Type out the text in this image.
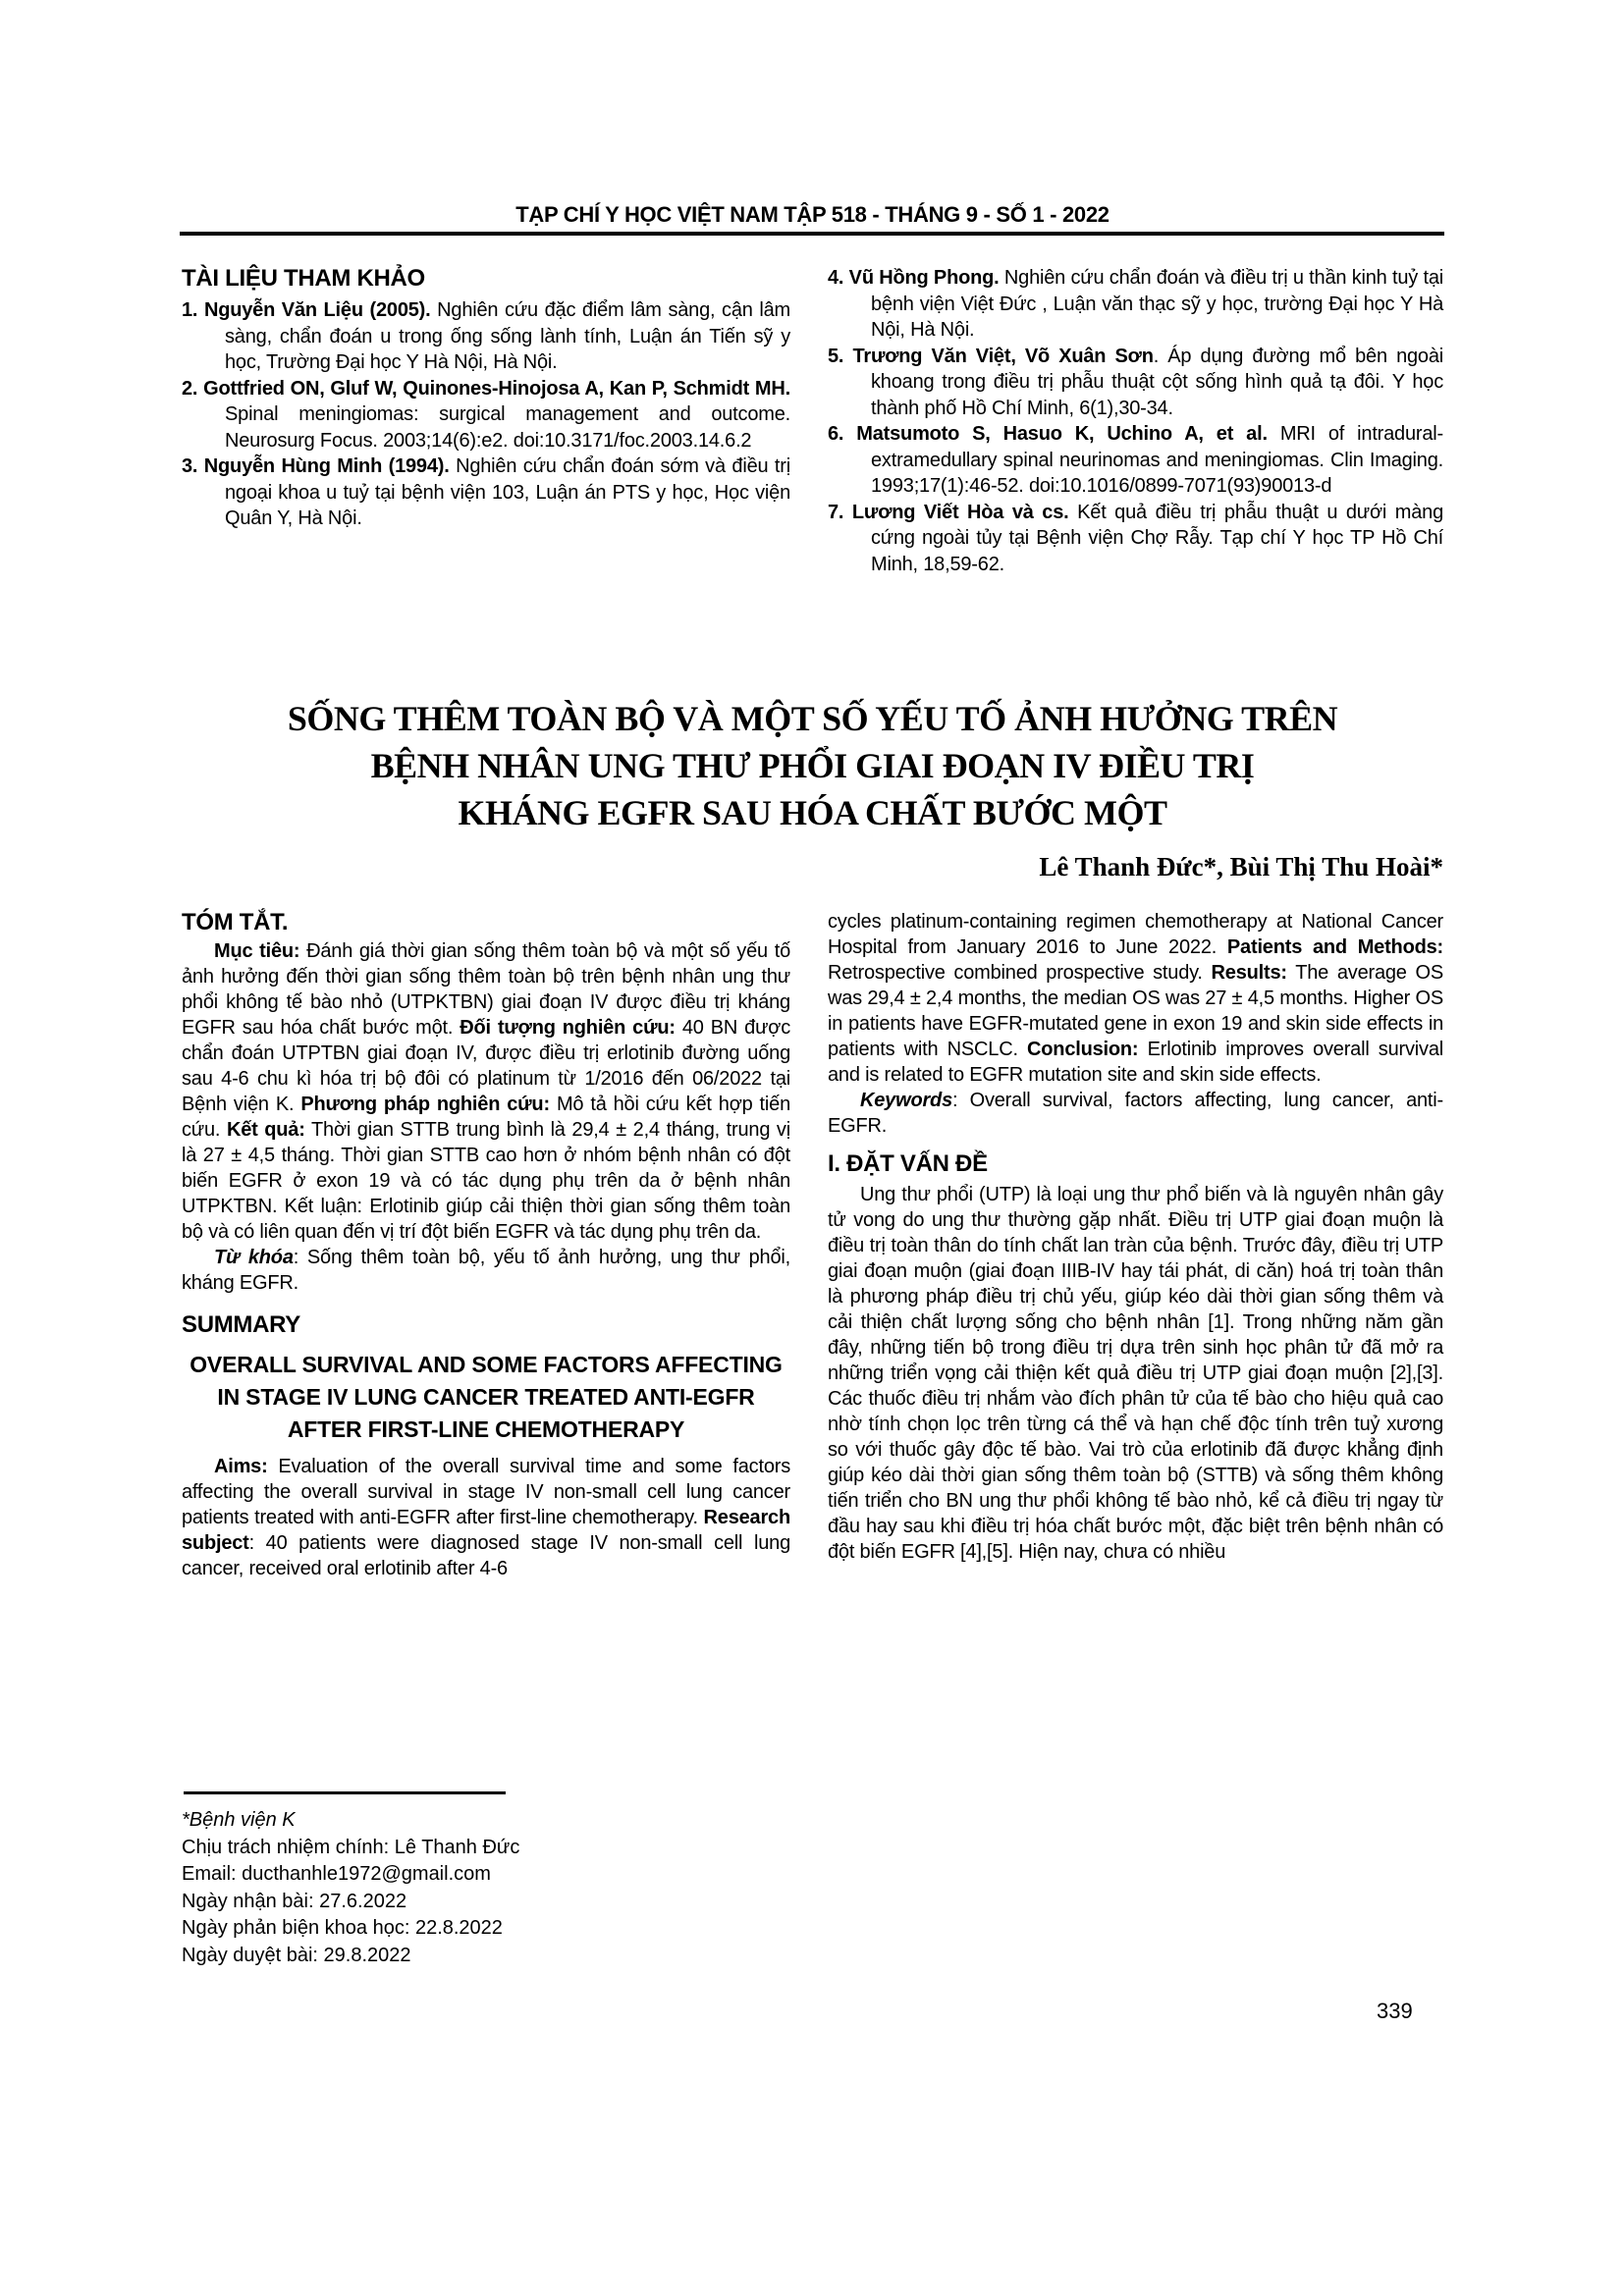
TẠP CHÍ Y HỌC VIỆT NAM TẬP 518 - THÁNG 9 - SỐ 1 - 2022

TÀI LIỆU THAM KHẢO

1. Nguyễn Văn Liệu (2005). Nghiên cứu đặc điểm lâm sàng, cận lâm sàng, chẩn đoán u trong ống sống lành tính, Luận án Tiến sỹ y học, Trường Đại học Y Hà Nội, Hà Nội.

2. Gottfried ON, Gluf W, Quinones-Hinojosa A, Kan P, Schmidt MH. Spinal meningiomas: surgical management and outcome. Neurosurg Focus. 2003;14(6):e2. doi:10.3171/foc.2003.14.6.2

3. Nguyễn Hùng Minh (1994). Nghiên cứu chẩn đoán sớm và điều trị ngoại khoa u tuỷ tại bệnh viện 103, Luận án PTS y học, Học viện Quân Y, Hà Nội.

4. Vũ Hồng Phong. Nghiên cứu chẩn đoán và điều trị u thần kinh tuỷ tại bệnh viện Việt Đức , Luận văn thạc sỹ y học, trường Đại học Y Hà Nội, Hà Nội.

5. Trương Văn Việt, Võ Xuân Sơn. Áp dụng đường mổ bên ngoài khoang trong điều trị phẫu thuật cột sống hình quả tạ đôi. Y học thành phố Hồ Chí Minh, 6(1),30-34.

6. Matsumoto S, Hasuo K, Uchino A, et al. MRI of intradural-extramedullary spinal neurinomas and meningiomas. Clin Imaging. 1993;17(1):46-52. doi:10.1016/0899-7071(93)90013-d

7. Lương Viết Hòa và cs. Kết quả điều trị phẫu thuật u dưới màng cứng ngoài tủy tại Bệnh viện Chợ Rẫy. Tạp chí Y học TP Hồ Chí Minh, 18,59-62.

SỐNG THÊM TOÀN BỘ VÀ MỘT SỐ YẾU TỐ ẢNH HƯỞNG TRÊN
BỆNH NHÂN UNG THƯ PHỔI GIAI ĐOẠN IV ĐIỀU TRỊ
KHÁNG EGFR SAU HÓA CHẤT BƯỚC MỘT
Lê Thanh Đức*, Bùi Thị Thu Hoài*

TÓM TẮT.

Mục tiêu: Đánh giá thời gian sống thêm toàn bộ và một số yếu tố ảnh hưởng đến thời gian sống thêm toàn bộ trên bệnh nhân ung thư phổi không tế bào nhỏ (UTPKTBN) giai đoạn IV được điều trị kháng EGFR sau hóa chất bước một. Đối tượng nghiên cứu: 40 BN được chẩn đoán UTPTBN giai đoạn IV, được điều trị erlotinib đường uống sau 4-6 chu kì hóa trị bộ đôi có platinum từ 1/2016 đến 06/2022 tại Bệnh viện K. Phương pháp nghiên cứu: Mô tả hồi cứu kết hợp tiến cứu. Kết quả: Thời gian STTB trung bình là 29,4 ± 2,4 tháng, trung vị là 27 ± 4,5 tháng. Thời gian STTB cao hơn ở nhóm bệnh nhân có đột biến EGFR ở exon 19 và có tác dụng phụ trên da ở bệnh nhân UTPKTBN. Kết luận: Erlotinib giúp cải thiện thời gian sống thêm toàn bộ và có liên quan đến vị trí đột biến EGFR và tác dụng phụ trên da.

Từ khóa: Sống thêm toàn bộ, yếu tố ảnh hưởng, ung thư phổi, kháng EGFR.

SUMMARY

OVERALL SURVIVAL AND SOME FACTORS AFFECTING IN STAGE IV LUNG CANCER TREATED ANTI-EGFR AFTER FIRST-LINE CHEMOTHERAPY

Aims: Evaluation of the overall survival time and some factors affecting the overall survival in stage IV non-small cell lung cancer patients treated with anti-EGFR after first-line chemotherapy. Research subject: 40 patients were diagnosed stage IV non-small cell lung cancer, received oral erlotinib after 4-6

*Bệnh viện K

Chịu trách nhiệm chính: Lê Thanh Đức

Email: ducthanhle1972@gmail.com

Ngày nhận bài: 27.6.2022

Ngày phản biện khoa học: 22.8.2022

Ngày duyệt bài: 29.8.2022

cycles platinum-containing regimen chemotherapy at National Cancer Hospital from January 2016 to June 2022. Patients and Methods: Retrospective combined prospective study. Results: The average OS was 29,4 ± 2,4 months, the median OS was 27 ± 4,5 months. Higher OS in patients have EGFR-mutated gene in exon 19 and skin side effects in patients with NSCLC. Conclusion: Erlotinib improves overall survival and is related to EGFR mutation site and skin side effects.

Keywords: Overall survival, factors affecting, lung cancer, anti-EGFR.

I. ĐẶT VẤN ĐỀ

Ung thư phổi (UTP) là loại ung thư phổ biến và là nguyên nhân gây tử vong do ung thư thường gặp nhất. Điều trị UTP giai đoạn muộn là điều trị toàn thân do tính chất lan tràn của bệnh. Trước đây, điều trị UTP giai đoạn muộn (giai đoạn IIIB-IV hay tái phát, di căn) hoá trị toàn thân là phương pháp điều trị chủ yếu, giúp kéo dài thời gian sống thêm và cải thiện chất lượng sống cho bệnh nhân [1]. Trong những năm gần đây, những tiến bộ trong điều trị dựa trên sinh học phân tử đã mở ra những triển vọng cải thiện kết quả điều trị UTP giai đoạn muộn [2],[3]. Các thuốc điều trị nhắm vào đích phân tử của tế bào cho hiệu quả cao nhờ tính chọn lọc trên từng cá thể và hạn chế độc tính trên tuỷ xương so với thuốc gây độc tế bào. Vai trò của erlotinib đã được khẳng định giúp kéo dài thời gian sống thêm toàn bộ (STTB) và sống thêm không tiến triển cho BN ung thư phổi không tế bào nhỏ, kể cả điều trị ngay từ đầu hay sau khi điều trị hóa chất bước một, đặc biệt trên bệnh nhân có đột biến EGFR [4],[5]. Hiện nay, chưa có nhiều

339
